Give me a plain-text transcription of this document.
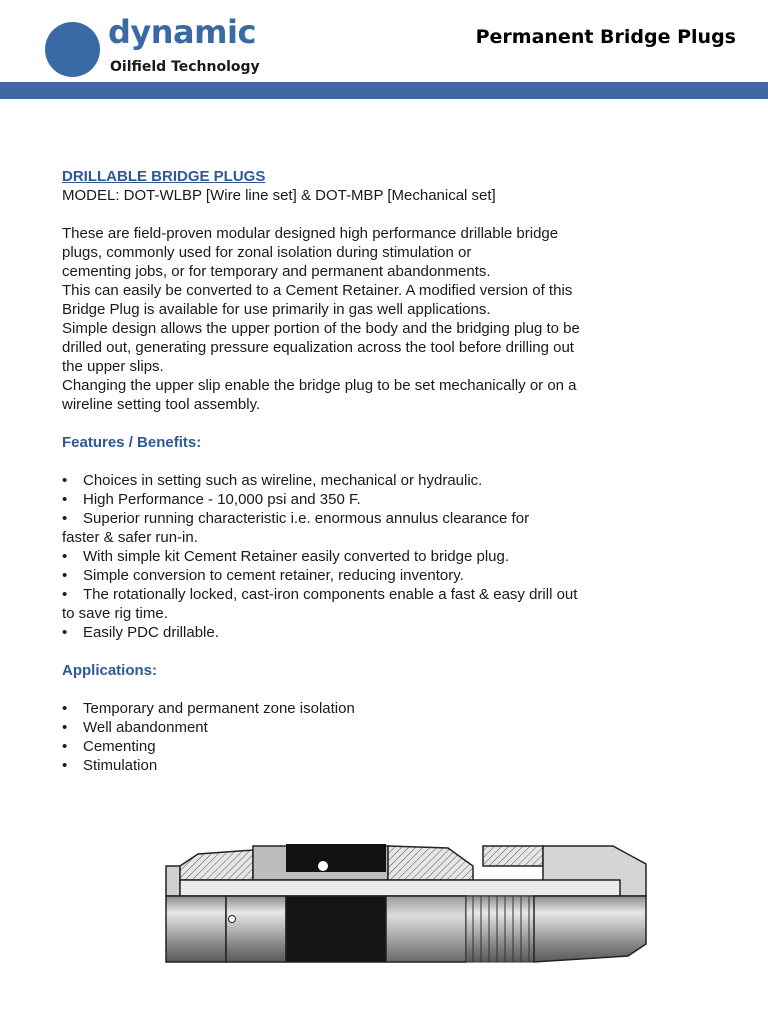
dynamic
Oilfield Technology
Permanent Bridge Plugs
DRILLABLE BRIDGE PLUGS
MODEL: DOT-WLBP [Wire line set] & DOT-MBP [Mechanical set]
These are field-proven modular designed high performance drillable bridge
plugs, commonly used for zonal isolation during stimulation or
cementing jobs, or for temporary and permanent abandonments.
This can easily be converted to a Cement Retainer. A modified version of this
Bridge Plug is available for use primarily in gas well applications.
Simple design allows the upper portion of the body and the bridging plug to be
drilled out, generating pressure equalization across the tool before drilling out
the upper slips.
Changing the upper slip enable the bridge plug to be set mechanically or on a
wireline setting tool assembly.
Features / Benefits:
• Choices in setting such as wireline, mechanical or hydraulic.
• High Performance - 10,000 psi and 350 F.
• Superior running characteristic i.e. enormous annulus clearance for
faster & safer run-in.
• With simple kit Cement Retainer easily converted to bridge plug.
• Simple conversion to cement retainer, reducing inventory.
• The rotationally locked, cast-iron components enable a fast & easy drill out
to save rig time.
• Easily PDC drillable.
Applications:
• Temporary and permanent zone isolation
• Well abandonment
• Cementing
• Stimulation
